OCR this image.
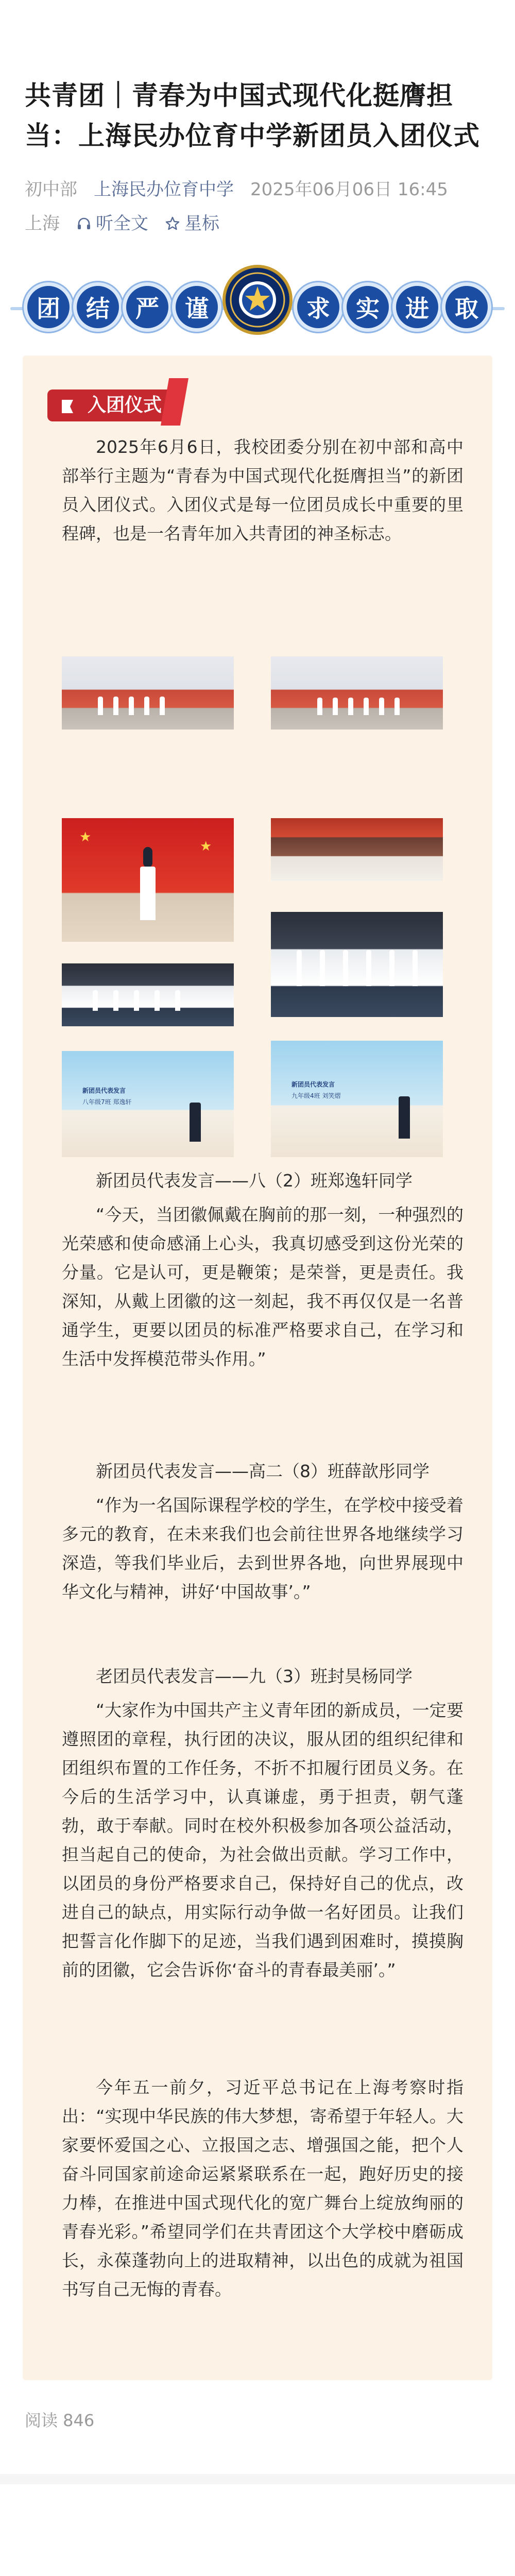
共青团｜青春为中国式现代化挺膺担当：上海民办位育中学新团员入团仪式
初中部 上海民办位育中学 2025年06月06日 16:45
上海 听全文 星标
团	结	严	谨	求	实	进	取
入团仪式

2025年6月6日，我校团委分别在初中部和高中部举行主题为“青春为中国式现代化挺膺担当”的新团员入团仪式。入团仪式是每一位团员成长中重要的里程碑，也是一名青年加入共青团的神圣标志。

★
★
新团员代表发言
八年级7班 郑逸轩
新团员代表发言
九年级4班 刘笑熠

新团员代表发言——八（2）班郑逸轩同学

“今天，当团徽佩戴在胸前的那一刻，一种强烈的光荣感和使命感涌上心头，我真切感受到这份光荣的分量。它是认可，更是鞭策；是荣誉，更是责任。我深知，从戴上团徽的这一刻起，我不再仅仅是一名普通学生，更要以团员的标准严格要求自己，在学习和生活中发挥模范带头作用。”

新团员代表发言——高二（8）班薛歆彤同学

“作为一名国际课程学校的学生，在学校中接受着多元的教育，在未来我们也会前往世界各地继续学习深造，等我们毕业后，去到世界各地，向世界展现中华文化与精神，讲好‘中国故事’。”

老团员代表发言——九（3）班封昊杨同学

“大家作为中国共产主义青年团的新成员，一定要遵照团的章程，执行团的决议，服从团的组织纪律和团组织布置的工作任务，不折不扣履行团员义务。在今后的生活学习中，认真谦虚，勇于担责，朝气蓬勃，敢于奉献。同时在校外积极参加各项公益活动，担当起自己的使命，为社会做出贡献。学习工作中，以团员的身份严格要求自己，保持好自己的优点，改进自己的缺点，用实际行动争做一名好团员。让我们把誓言化作脚下的足迹，当我们遇到困难时，摸摸胸前的团徽，它会告诉你‘奋斗的青春最美丽’。”

今年五一前夕，习近平总书记在上海考察时指出：“实现中华民族的伟大梦想，寄希望于年轻人。大家要怀爱国之心、立报国之志、增强国之能，把个人奋斗同国家前途命运紧紧联系在一起，跑好历史的接力棒，在推进中国式现代化的宽广舞台上绽放绚丽的青春光彩。”希望同学们在共青团这个大学校中磨砺成长，永葆蓬勃向上的进取精神，以出色的成就为祖国书写自己无悔的青春。

阅读 846
